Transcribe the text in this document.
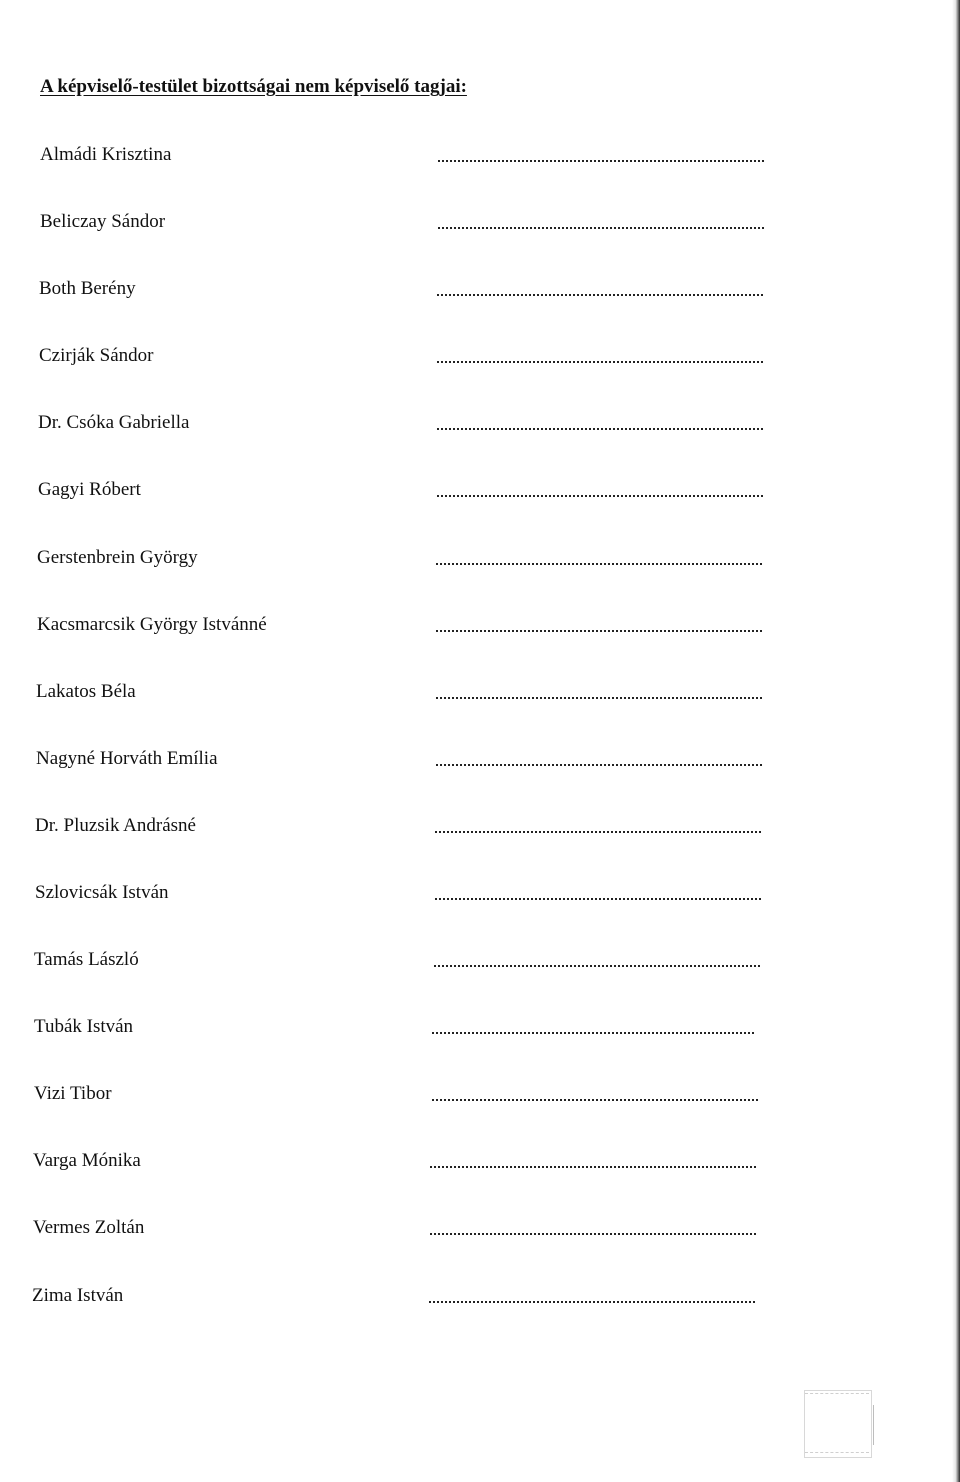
A képviselő-testület bizottságai nem képviselő tagjai:
Almádi Krisztina
Beliczay Sándor
Both Berény
Czirják Sándor
Dr. Csóka Gabriella
Gagyi Róbert
Gerstenbrein György
Kacsmarcsik György Istvánné
Lakatos Béla
Nagyné Horváth Emília
Dr. Pluzsik Andrásné
Szlovicsák István
Tamás László
Tubák István
Vizi Tibor
Varga Mónika
Vermes Zoltán
Zima István
